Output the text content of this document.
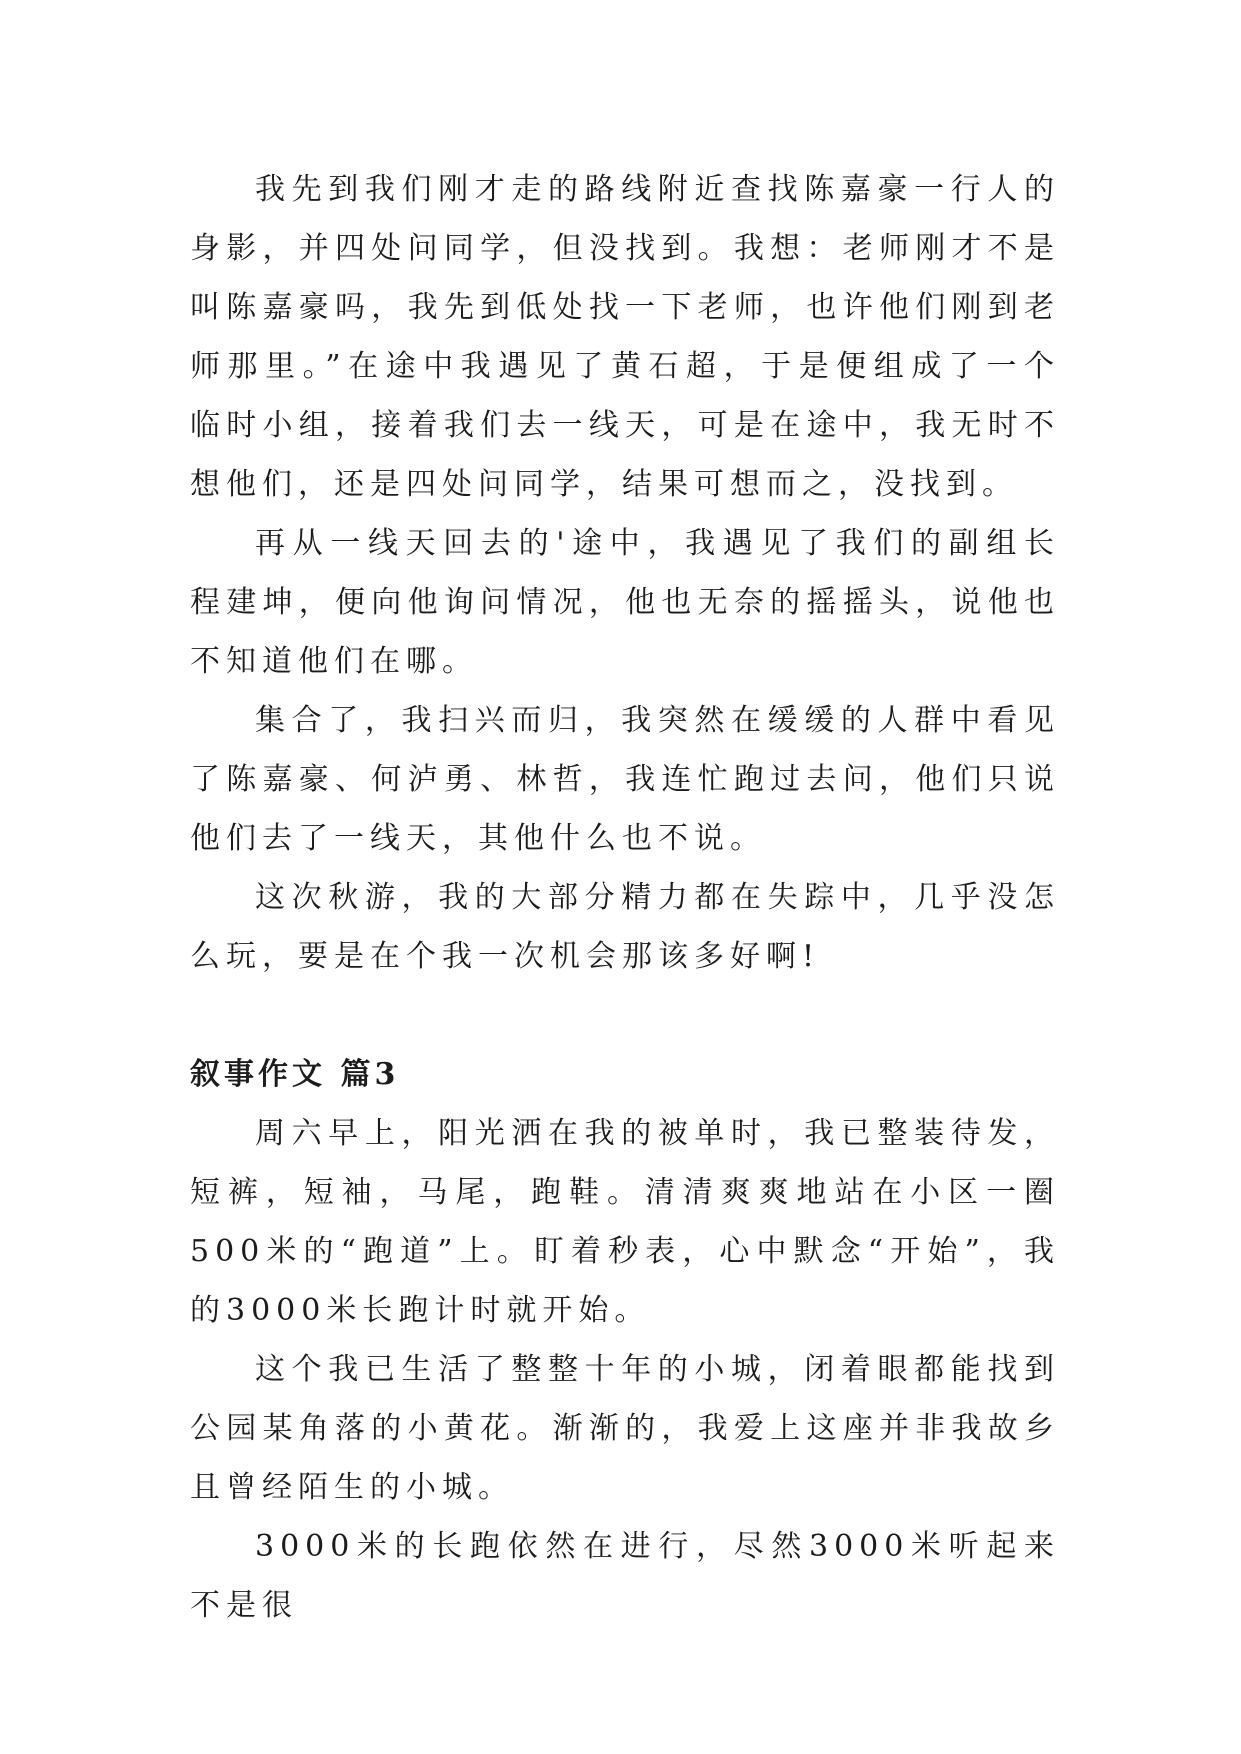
我先到我们刚才走的路线附近查找陈嘉豪一行人的身影，并四处问同学，但没找到。我想：老师刚才不是叫陈嘉豪吗，我先到低处找一下老师，也许他们刚到老师那里。”在途中我遇见了黄石超，于是便组成了一个临时小组，接着我们去一线天，可是在途中，我无时不想他们，还是四处问同学，结果可想而之，没找到。

再从一线天回去的'途中，我遇见了我们的副组长程建坤，便向他询问情况，他也无奈的摇摇头，说他也不知道他们在哪。

集合了，我扫兴而归，我突然在缓缓的人群中看见了陈嘉豪、何泸勇、林哲，我连忙跑过去问，他们只说他们去了一线天，其他什么也不说。

这次秋游，我的大部分精力都在失踪中，几乎没怎么玩，要是在个我一次机会那该多好啊!

叙事作文 篇3

周六早上，阳光洒在我的被单时，我已整装待发，短裤，短袖，马尾，跑鞋。清清爽爽地站在小区一圈500米的“跑道”上。盯着秒表，心中默念“开始”，我的3000米长跑计时就开始。

这个我已生活了整整十年的小城，闭着眼都能找到公园某角落的小黄花。渐渐的，我爱上这座并非我故乡且曾经陌生的小城。

3000米的长跑依然在进行，尽然3000米听起来不是很
